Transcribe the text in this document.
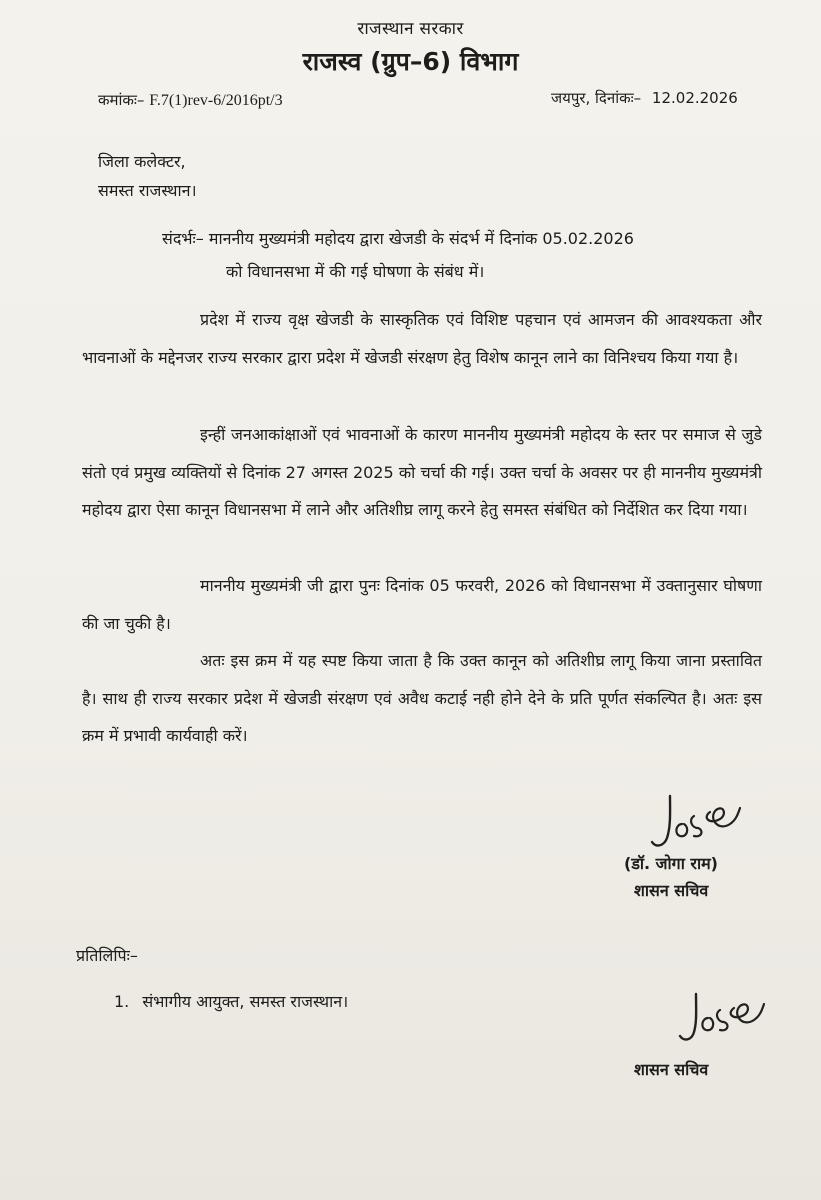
राजस्थान सरकार
राजस्व (ग्रुप–6) विभाग
कमांकः– F.7(1)rev-6/2016pt/3	जयपुर, दिनांकः– 12.02.2026
जिला कलेक्टर,
समस्त राजस्थान।
संदर्भः– माननीय मुख्यमंत्री महोदय द्वारा खेजडी के संदर्भ में दिनांक 05.02.2026
को विधानसभा में की गई घोषणा के संबंध में।
प्रदेश में राज्य वृक्ष खेजडी के सास्कृतिक एवं विशिष्ट पहचान एवं आमजन की आवश्यकता और भावनाओं के मद्देनजर राज्य सरकार द्वारा प्रदेश में खेजडी संरक्षण हेतु विशेष कानून लाने का विनिश्चय किया गया है।
इन्हीं जनआकांक्षाओं एवं भावनाओं के कारण माननीय मुख्यमंत्री महोदय के स्तर पर समाज से जुडे संतो एवं प्रमुख व्यक्तियों से दिनांक 27 अगस्त 2025 को चर्चा की गई। उक्त चर्चा के अवसर पर ही माननीय मुख्यमंत्री महोदय द्वारा ऐसा कानून विधानसभा में लाने और अतिशीघ्र लागू करने हेतु समस्त संबंधित को निर्देशित कर दिया गया।
माननीय मुख्यमंत्री जी द्वारा पुनः दिनांक 05 फरवरी, 2026 को विधानसभा में उक्तानुसार घोषणा की जा चुकी है।
अतः इस क्रम में यह स्पष्ट किया जाता है कि उक्त कानून को अतिशीघ्र लागू किया जाना प्रस्तावित है। साथ ही राज्य सरकार प्रदेश में खेजडी संरक्षण एवं अवैध कटाई नही होने देने के प्रति पूर्णत संकल्पित है। अतः इस क्रम में प्रभावी कार्यवाही करें।
(डॉ. जोगा राम)
शासन सचिव
प्रतिलिपिः–
1. संभागीय आयुक्त, समस्त राजस्थान।
शासन सचिव
